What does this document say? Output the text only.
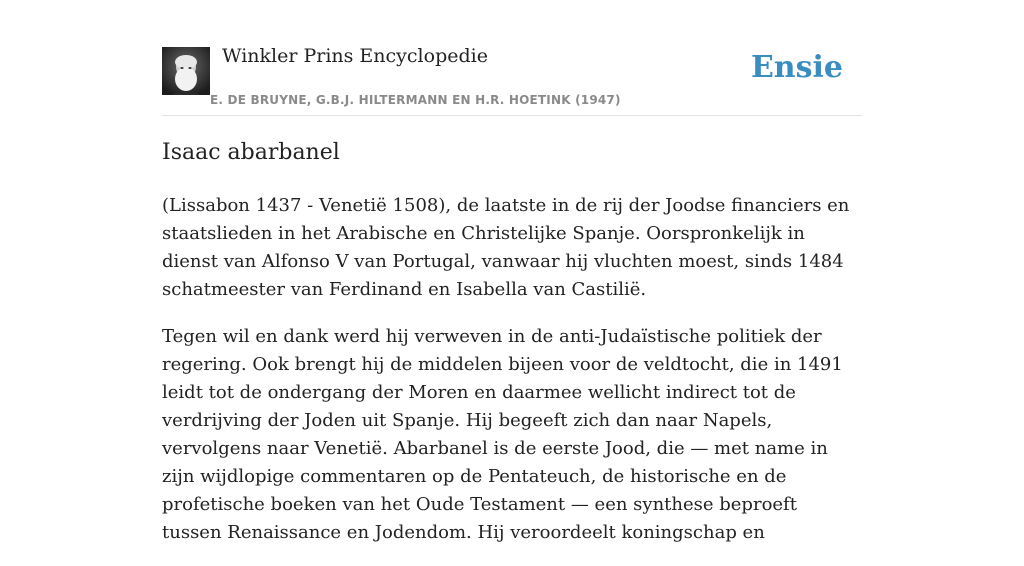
Winkler Prins Encyclopedie
E. DE BRUYNE, G.B.J. HILTERMANN EN H.R. HOETINK (1947)
Ensie
Isaac abarbanel

(Lissabon 1437 - Venetië 1508), de laatste in de rij der Joodse financiers en staatslieden in het Arabische en Christelijke Spanje. Oorspronkelijk in dienst van Alfonso V van Portugal, vanwaar hij vluchten moest, sinds 1484 schatmeester van Ferdinand en Isabella van Castilië.

Tegen wil en dank werd hij verweven in de anti-Judaïstische politiek der regering. Ook brengt hij de middelen bijeen voor de veldtocht, die in 1491 leidt tot de ondergang der Moren en daarmee wellicht indirect tot de verdrijving der Joden uit Spanje. Hij begeeft zich dan naar Napels, vervolgens naar Venetië. Abarbanel is de eerste Jood, die — met name in zijn wijdlopige commentaren op de Pentateuch, de historische en de profetische boeken van het Oude Testament — een synthese beproeft tussen Renaissance en Jodendom. Hij veroordeelt koningschap en
